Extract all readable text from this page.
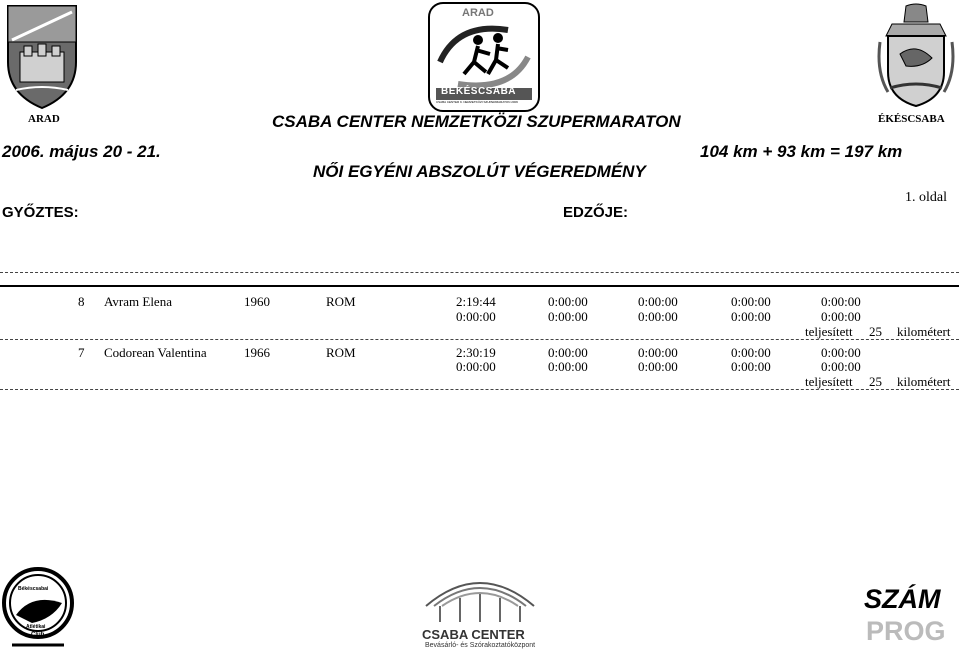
ARAD
ARAD
BÉKÉSCSABA
CSABA CENTER 9. NEMZETKÖZI SZUPERMARATON 2006
ÉKÉSCSABA
CSABA CENTER NEMZETKÖZI SZUPERMARATON
2006. május 20 - 21.	104 km + 93 km = 197 km
NŐI EGYÉNI ABSZOLÚT VÉGEREDMÉNY
GYŐZTES:	EDZŐJE:
1. oldal
8 Avram Elena	1960	ROM	2:19:44	0:00:00	0:00:00	0:00:00	0:00:00
0:00:00	0:00:00	0:00:00	0:00:00	0:00:00
teljesített 25 kilométert
7 Codorean Valentina	1966	ROM	2:30:19	0:00:00	0:00:00	0:00:00	0:00:00
0:00:00	0:00:00	0:00:00	0:00:00	0:00:00
teljesített 25 kilométert
Békéscsabai
Atlétikai
Club	CSABA CENTER
Bevásárló- és Szórakoztatóközpont
SZÁM
PROG
